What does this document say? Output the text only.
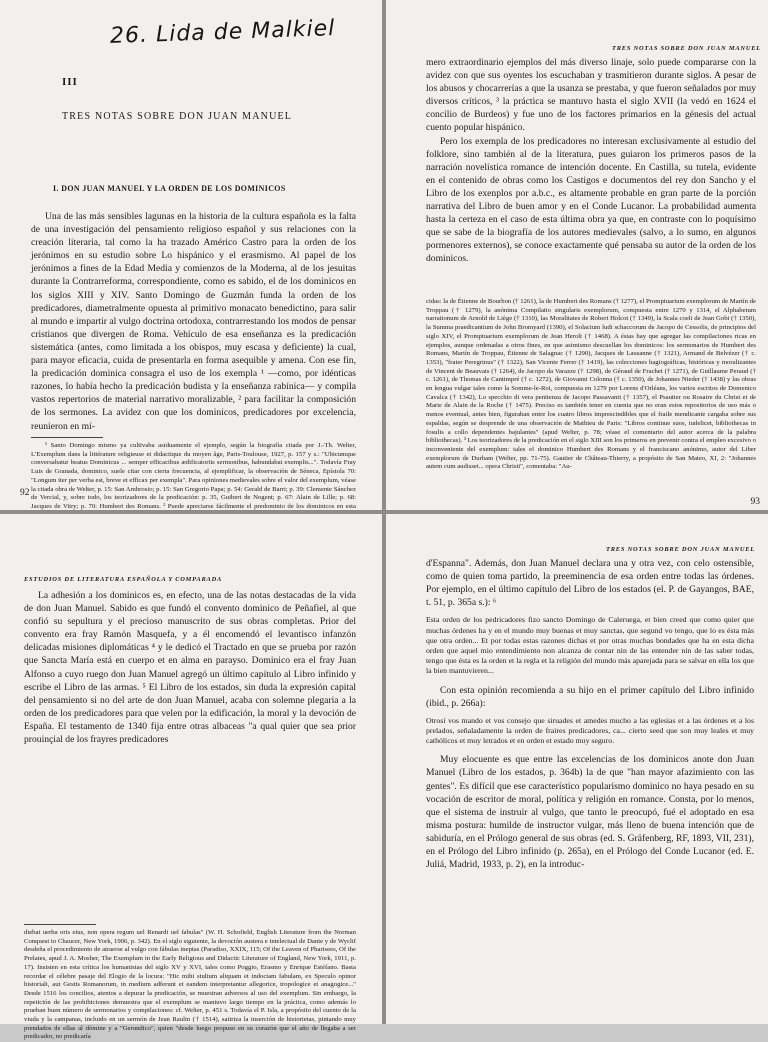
26. Lida de Malkiel
III
TRES NOTAS SOBRE DON JUAN MANUEL
I. DON JUAN MANUEL Y LA ORDEN DE LOS DOMINICOS

Una de las más sensibles lagunas en la historia de la cultura española es la falta de una investigación del pensamiento religioso español y sus relaciones con la creación literaria, tal como la ha trazado Américo Castro para la orden de los jerónimos en su estudio sobre Lo hispánico y el erasmismo. Al papel de los jerónimos a fines de la Edad Media y comienzos de la Moderna, al de los jesuitas durante la Contrarreforma, correspondiente, como es sabido, el de los dominicos en los siglos XIII y XIV. Santo Domingo de Guzmán funda la orden de los predicadores, diametralmente opuesta al primitivo monacato benedictino, para salir al mundo e impartir al vulgo doctrina ortodoxa, contrarrestando los modos de pensar cristianos que divergen de Roma. Vehículo de esa enseñanza es la predicación sistemática (antes, como limitada a los obispos, muy escasa y deficiente) la cual, para mayor eficacia, cuida de presentarla en forma asequible y amena. Con ese fin, la predicación dominica consagra el uso de los exempla ¹ —como, por idénticas razones, lo había hecho la predicación budista y la enseñanza rabínica— y compila vastos repertorios de material narrativo moralizable, ² para facilitar la composición de los sermones. La avidez con que los dominicos, predicadores por excelencia, reunieron en mí-

¹ Santo Domingo mismo ya cultivaba asiduamente el ejemplo, según la biografía citada por J.-Th. Welter, L'Exemplum dans la littérature religieuse et didactique du moyen âge, Paris-Toulouse, 1927, p. 157 y s.: "Ubicumque conversabatur beatus Dominicus ... semper efficacibus ædificatoriis sermonibus, habundabat exemplis...". Todavía Fray Luis de Granada, dominico, suele citar con cierta frecuencia, al ejemplificar, la observación de Séneca, Epístola 70: "Longum iter per verba est, breve et efficax per exempla". Para opiniones medievales sobre el valor del exemplum, véase la citada obra de Welter, p. 15: San Ambrosio; p. 15: San Gregorio Papa; p. 54: Gerald de Barri; p. 39: Clemente Sánchez de Vercial, y, sobre todo, los teorizadores de la predicación: p. 35, Guibert de Nogent; p. 67: Alain de Lille; p. 68: Jacques de Vitry; p. 70: Humbert des Romans. ² Puede apreciarse fácilmente el predominio de los dominicos en esta

92
TRES NOTAS SOBRE DON JUAN MANUEL

mero extraordinario ejemplos del más diverso linaje, solo puede compararse con la avidez con que sus oyentes los escuchaban y trasmitieron durante siglos. A pesar de los abusos y chocarrerías a que la usanza se prestaba, y que fueron señalados por muy diversos críticos, ³ la práctica se mantuvo hasta el siglo XVII (la vedó en 1624 el concilio de Burdeos) y fue uno de los factores primarios en la génesis del actual cuento popular hispánico.

Pero los exempla de los predicadores no interesan exclusivamente al estudio del folklore, sino también al de la literatura, pues guiaron los primeros pasos de la narración novelística romance de intención docente. En Castilla, su tutela, evidente en el contenido de obras como los Castigos e documentos del rey don Sancho y el Libro de los exenplos por a.b.c., es altamente probable en gran parte de la porción narrativa del Libro de buen amor y en el Conde Lucanor. La probabilidad aumenta hasta la certeza en el caso de esta última obra ya que, en contraste con lo poquísimo que se sabe de la biografía de los autores medievales (salvo, a lo sumo, en algunos pormenores externos), se conoce exactamente qué pensaba su autor de la orden de los dominicos.

cidas: la de Étienne de Bourbon († 1261), la de Humbert des Romans († 1277), el Promptuarium exemplorum de Martín de Troppau († 1279), la anónima Compilatio singularis exemplorum, compuesta entre 1270 y 1314, el Alphabetum narrationum de Arnold de Liège († 1310), las Moralitates de Robert Holcot († 1349), la Scala coeli de Jean Gobi († 1350), la Summa praedicantium de John Bromyard (1390), el Solacium ludi schaccorum de Jacopo de Cessolis, de principios del siglo XIV, el Promptuarium exemplorum de Jean Herolt († 1468). A éstas hay que agregar las compilaciones ricas en ejemplos, aunque ordenadas a otros fines, en que asimismo descuellan los dominicos: los sermonarios de Humbert des Romans, Martín de Troppau, Étienne de Salagnac († 1290), Jacques de Lausanne († 1321), Armand de Belvézer († c. 1353), "frater Peregrinus" († 1322), San Vicente Ferrer († 1419), las colecciones hagiográficas, históricas y moralizantes de Vincent de Beauvais († 1264), de Jacopo da Varazze († 1298), de Géraud de Frachet († 1271), de Guillaume Peraud († c. 1261), de Thomas de Cantimpré († c. 1272), de Giovanni Colonna († c. 1350), de Johannes Nieder († 1438) y las obras en lengua vulgar tales como la Somme-le-Roi, compuesta en 1279 por Lorens d'Orléans, los varios escritos de Domenico Cavalca († 1342), Lo specchio di vera penitenza de Jacopo Passavanti († 1357), el Psautier ou Rosaire du Christ et de Marie de Alain de la Roche († 1475). Preciso es también tener en cuenta que no eran estos repositorios de uso más o menos eventual, antes bien, figuraban entre los cuatro libros imprescindibles que el fraile mendicante cargaba sobre sus espaldas, según se desprende de una observación de Mathieu de Paris: "Libros continue suos, iudelicet, bibliothecas in fosulis a collo dependentes bajulantes" (apud Welter, p. 78; véase el comentario del autor acerca de la palabra bibliothecas). ³ Los teorizadores de la predicación en el siglo XIII son los primeros en prevenir contra el empleo excesivo o inconveniente del exemplum: tales el dominico Humbert des Romans y el franciscano anónimo, autor del Liber exemplorum de Durham (Welter, pp. 71-75). Gautier de Château-Thierry, a propósito de San Mateo, XI, 2: "Johannes autem cum audisset... opera Christi", comentaba: "Au-

93
ESTUDIOS DE LITERATURA ESPAÑOLA Y COMPARADA

La adhesión a los dominicos es, en efecto, una de las notas destacadas de la vida de don Juan Manuel. Sabido es que fundó el convento dominico de Peñafiel, al que confió su sepultura y el precioso manuscrito de sus obras completas. Prior del convento era fray Ramón Masquefa, y a él encomendó el levantisco infanzón delicadas misiones diplomáticas ⁴ y le dedicó el Tractado en que se prueba por razón que Sancta María está en cuerpo et en alma en parayso. Dominico era el fray Juan Alfonso a cuyo ruego don Juan Manuel agregó un último capítulo al Libro infinido y escribe el Libro de las armas. ⁵ El Libro de los estados, sin duda la expresión capital del pensamiento si no del arte de don Juan Manuel, acaba con solemne plegaria a la orden de los predicadores para que velen por la edificación, la moral y la devoción de España. El testamento de 1340 fija entre otras albaceas "a qual quier que sea prior prouinçial de los frayres predicadores

diebat uerba oris eius, non opera regum uel Renardi uel fabulas" (W. H. Schofield, English Literature from the Norman Conquest to Chaucer, New York, 1906, p. 342). En el siglo siguiente, la devoción austera e intelectual de Dante y de Wyclif desdeña el procedimiento de atraerse al vulgo con fábulas ineptas (Paradiso, XXIX, 115; Of the Leaven of Pharisees, Of the Prelates, apud J. A. Mosher, The Exemplum in the Early Religious and Didactic Literature of England, New York, 1911, p. 17). Insisten en esta crítica los humanistas del siglo XV y XVI, tales como Poggio, Erasmo y Enrique Estéfano. Basta recordar el célebre pasaje del Elogio de la locura: "Hic mihi stultum aliquam et indoctam fabulam, ex Speculo opinor historiali, aut Gestis Romanorum, in medium adferunt et eandem interpretantur allegorice, tropologice et anagogice..." Desde 1516 los concilios, atentos a depurar la predicación, se muestran adversos al uso del exemplum. Sin embargo, la repetición de las prohibiciones demuestra que el exemplum se mantuvo largo tiempo en la práctica, como además lo prueban buen número de sermonarios y compilaciones: cf. Welter, p. 451 s. Todavía el P. Isla, a propósito del cuento de la viuda y la campanas, incluido en un sermón de Jean Raulin († 1514), satiriza la inserción de historietas, pintando muy prendados de ellas al dómine y a "Gerundico", quien "desde luego propuso en su corazón que el año de llegaba a ser predicador, no predicaría

TRES NOTAS SOBRE DON JUAN MANUEL

d'Espanna". Además, don Juan Manuel declara una y otra vez, con celo ostensible, como de quien toma partido, la preeminencia de esa orden entre todas las órdenes. Por ejemplo, en el último capítulo del Libro de los estados (el. P. de Gayangos, BAE, t. 51, p. 365a s.): ⁶

Esta orden de los pedricadores fizo sancto Domingo de Caleruega, et bien creed que como quier que muchas órdenes ha y en el mundo muy buenas et muy sanctas, que segund vo tengo, que lo es ésta más que otra orden... Et por todas estas razones dichas et por otras muchas bondades que ha en esta dicha orden que aquel mio entendimiento non alcanza de contar nin de las entender nin de las saber todas, tengo que ésta es la orden et la regla et la religión del mundo más aparejada para se salvar en ella los que la bien mantuvieren...

Con esta opinión recomienda a su hijo en el primer capítulo del Libro infinido (ibid., p. 266a):

Otrosí vos mando et vos consejo que siruades et amedes mucho a las eglesias et a las órdenes et a los prelados, señaladamente la orden de fraires predicadores, ca... cierto seed que son muy leales et muy cathólicos et muy letrados et en orden et estado muy seguro.

Muy elocuente es que entre las excelencias de los dominicos anote don Juan Manuel (Libro de los estados, p. 364b) la de que "han mayor afazimiento con las gentes". Es difícil que ese característico popularismo dominico no haya pesado en su vocación de escritor de moral, política y religión en romance. Consta, por lo menos, que el sistema de instruir al vulgo, que tanto le preocupó, fué el adoptado en esa misma postura: humilde de instructor vulgar, más lleno de buena intención que de sabiduría, en el Prólogo general de sus obras (ed. S. Gräfenberg, RF, 1893, VII, 231), en el Prólogo del Libro infinido (p. 265a), en el Prólogo del Conde Lucanor (ed. E. Juliá, Madrid, 1933, p. 2), en la introduc-
